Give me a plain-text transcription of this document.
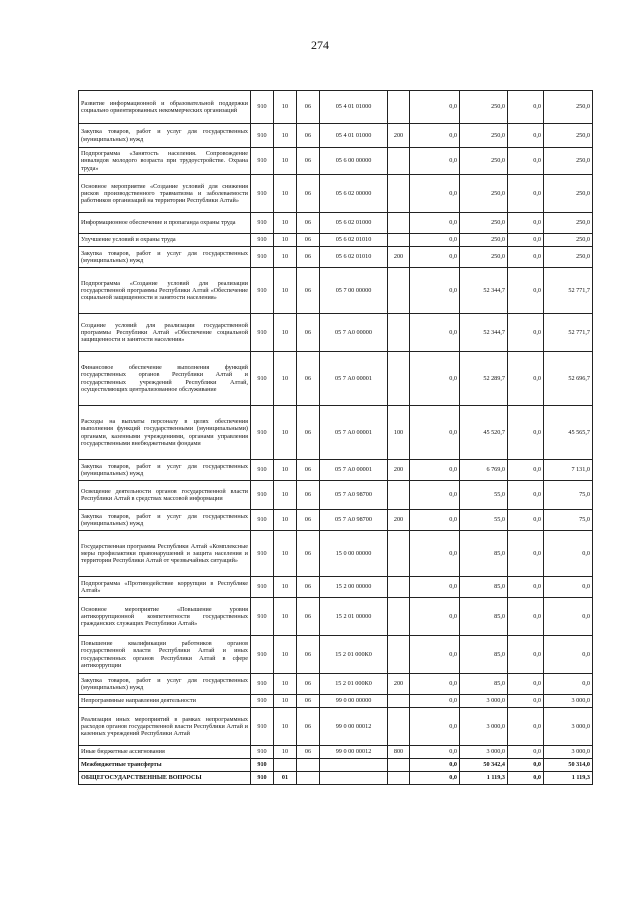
274
Развитие информационной и образовательной поддержки социально ориентированных некоммерческих организаций	910	10	06	05 4 01 01000		0,0	250,0	0,0	250,0
Закупка товаров, работ и услуг для государственных (муниципальных) нужд	910	10	06	05 4 01 01000	200	0,0	250,0	0,0	250,0
Подпрограмма «Занятость населения. Сопровождение инвалидов молодого возраста при трудоустройстве. Охрана труда»	910	10	06	05 6 00 00000		0,0	250,0	0,0	250,0
Основное мероприятие «Создание условий для снижения рисков производственного травматизма и заболеваемости работников организаций на территории Республики Алтай»	910	10	06	05 6 02 00000		0,0	250,0	0,0	250,0
Информационное обеспечение и пропаганда охраны труда	910	10	06	05 6 02 01000		0,0	250,0	0,0	250,0
Улучшение условий и охраны труда	910	10	06	05 6 02 01010		0,0	250,0	0,0	250,0
Закупка товаров, работ и услуг для государственных (муниципальных) нужд	910	10	06	05 6 02 01010	200	0,0	250,0	0,0	250,0
Подпрограмма «Создание условий для реализации государственной программы Республики Алтай «Обеспечение социальной защищенности и занятости населения»	910	10	06	05 7 00 00000		0,0	52 344,7	0,0	52 771,7
Создание условий для реализации государственной программы Республики Алтай «Обеспечение социальной защищенности и занятости населения»	910	10	06	05 7 А0 00000		0,0	52 344,7	0,0	52 771,7
Финансовое обеспечение выполнения функций государственных органов Республики Алтай и государственных учреждений Республики Алтай, осуществляющих централизованное обслуживание	910	10	06	05 7 А0 00001		0,0	52 289,7	0,0	52 696,7
Расходы на выплаты персоналу в целях обеспечения выполнения функций государственными (муниципальными) органами, казенными учреждениями, органами управления государственными внебюджетными фондами	910	10	06	05 7 А0 00001	100	0,0	45 520,7	0,0	45 565,7
Закупка товаров, работ и услуг для государственных (муниципальных) нужд	910	10	06	05 7 А0 00001	200	0,0	6 769,0	0,0	7 131,0
Освещение деятельности органов государственной власти Республики Алтай в средствах массовой информации	910	10	06	05 7 А0 98700		0,0	55,0	0,0	75,0
Закупка товаров, работ и услуг для государственных (муниципальных) нужд	910	10	06	05 7 А0 98700	200	0,0	55,0	0,0	75,0
Государственная программа Республики Алтай «Комплексные меры профилактики правонарушений и защита населения и территории Республики Алтай от чрезвычайных ситуаций»	910	10	06	15 0 00 00000		0,0	85,0	0,0	0,0
Подпрограмма «Противодействие коррупции в Республике Алтай»	910	10	06	15 2 00 00000		0,0	85,0	0,0	0,0
Основное мероприятие «Повышение уровня антикоррупционной компетентности государственных гражданских служащих Республики Алтай»	910	10	06	15 2 01 00000		0,0	85,0	0,0	0,0
Повышение квалификации работников органов государственной власти Республики Алтай и иных государственных органов Республики Алтай в сфере антикоррупции	910	10	06	15 2 01 000К0		0,0	85,0	0,0	0,0
Закупка товаров, работ и услуг для государственных (муниципальных) нужд	910	10	06	15 2 01 000К0	200	0,0	85,0	0,0	0,0
Непрограммные направления деятельности	910	10	06	99 0 00 00000		0,0	3 000,0	0,0	3 000,0
Реализация иных мероприятий в рамках непрограммных расходов органов государственной власти Республики Алтай и казенных учреждений Республики Алтай	910	10	06	99 0 00 00012		0,0	3 000,0	0,0	3 000,0
Иные бюджетные ассигнования	910	10	06	99 0 00 00012	800	0,0	3 000,0	0,0	3 000,0
Межбюджетные трансферты	910					0,0	50 342,4	0,0	50 314,0
ОБЩЕГОСУДАРСТВЕННЫЕ ВОПРОСЫ	910	01				0,0	1 119,3	0,0	1 119,3
